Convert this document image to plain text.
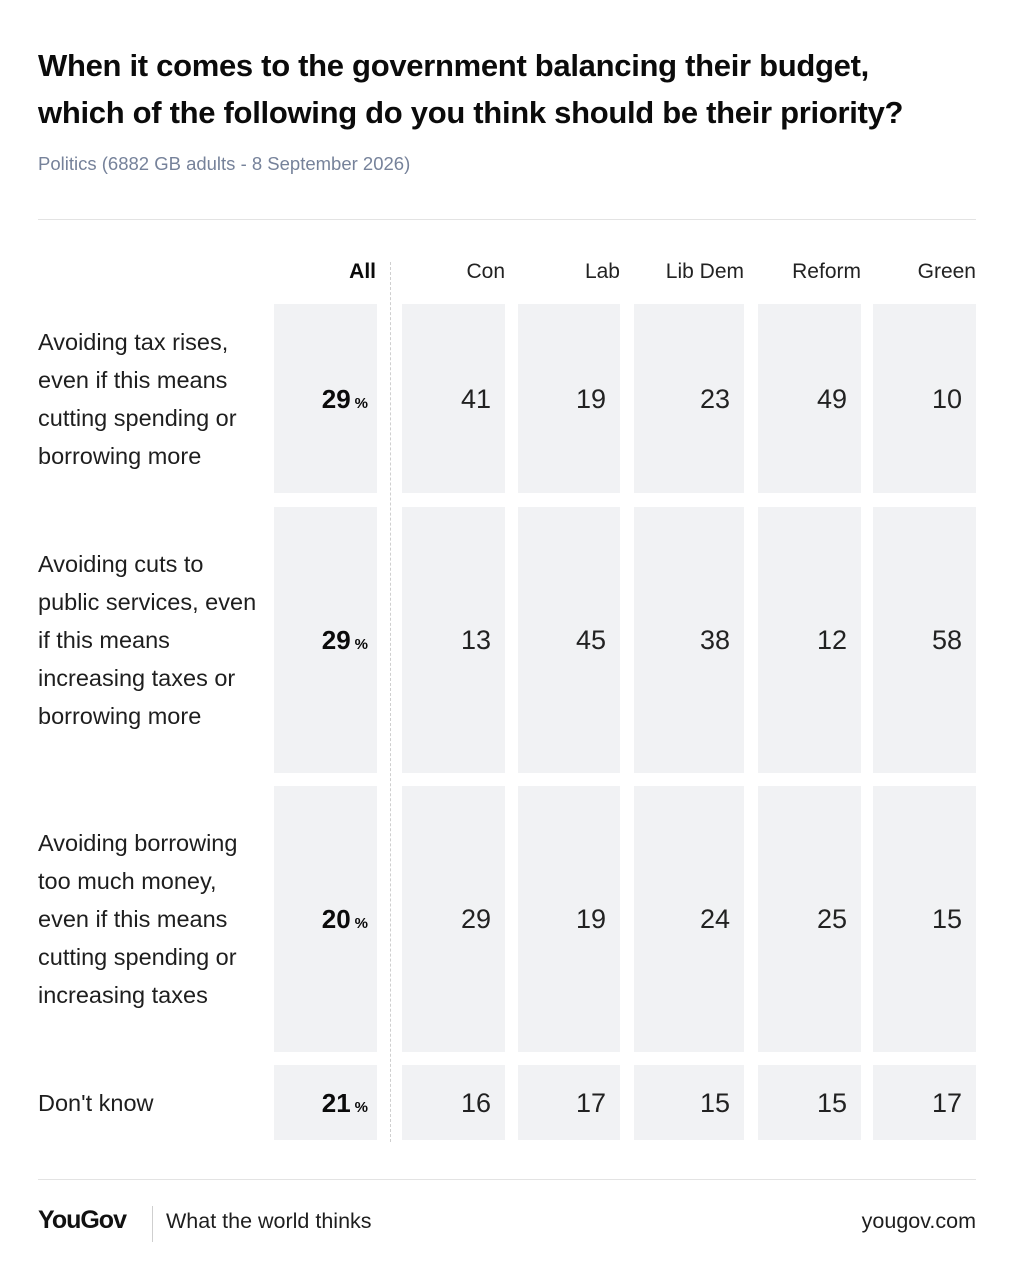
When it comes to the government balancing their budget,
which of the following do you think should be their priority?
Politics (6882 GB adults - 8 September 2026)
All	Con	Lab	Lib Dem	Reform	Green
Avoiding tax rises, even if this means cutting spending or borrowing more
29 %	41	19	23	49	10
Avoiding cuts to public services, even if this means increasing taxes or borrowing more
29 %	13	45	38	12	58
Avoiding borrowing too much money, even if this means cutting spending or increasing taxes
20 %	29	19	24	25	15
Don't know	21 %	16	17	15	15	17
YouGov What the world thinks	yougov.com
